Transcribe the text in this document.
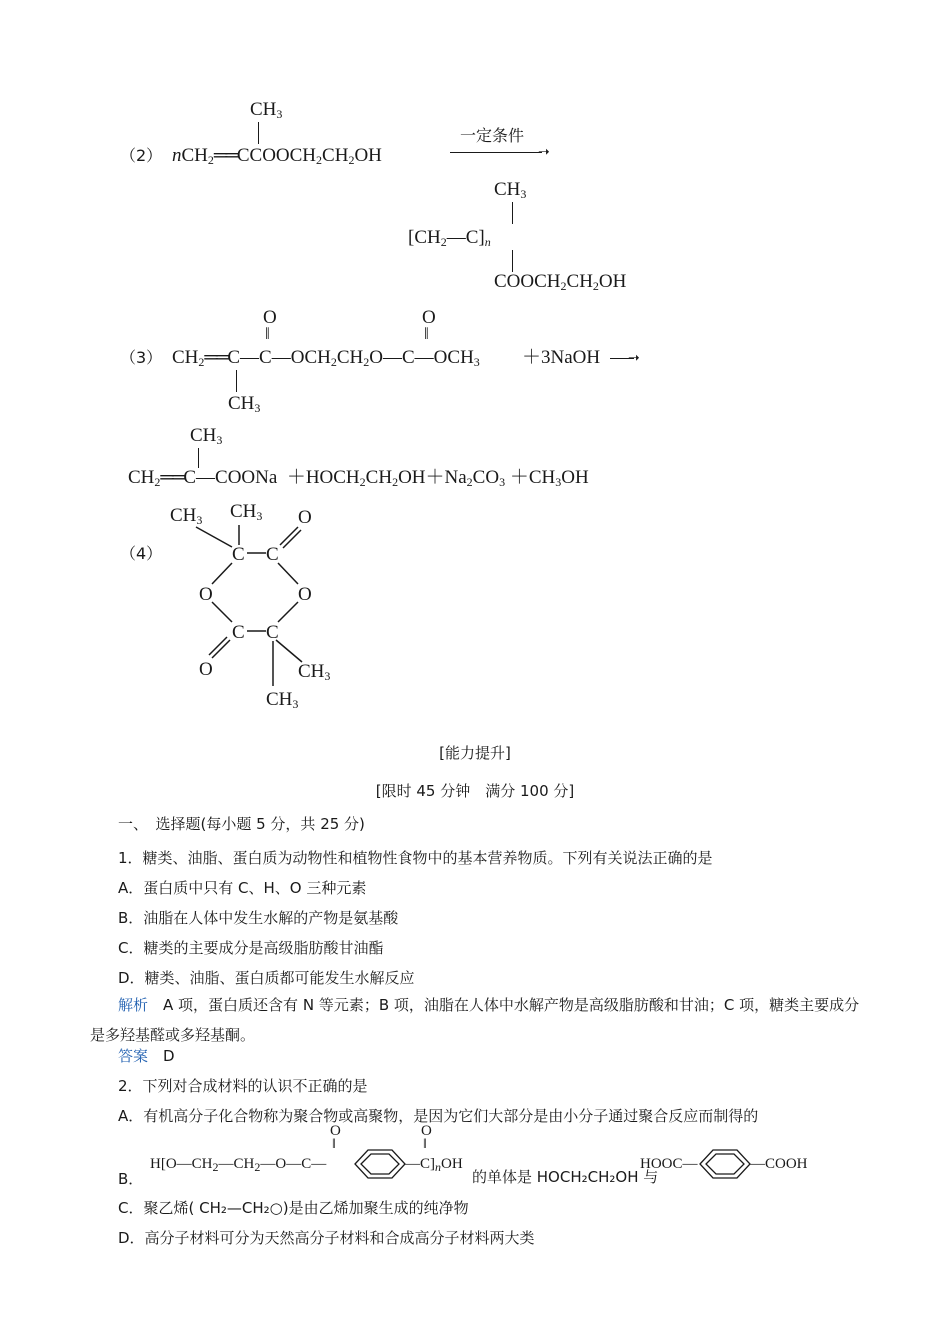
$CH_3$
（2） $nCH_2══CCOOCH_2CH_2OH$
一定条件
➝
$CH_3$
$[CH_2—C]_n$
$COOCH_2CH_2OH$
O	O
‖	‖
（3） $CH_2══C—C—OCH_2CH_2O—C—OCH_3$ ＋3NaOH ➝
$CH_3$
$CH_3$
$CH_2══C—COONa$ $+HOCH_2CH_2OH+Na_2CO_3 +CH_3OH$
（4）
$CH_3$ $CH_3$ O
C C
O	O
C C
O	$CH_3$
$CH_3$
[能力提升]
[限时 45 分钟　满分 100 分]
一、　选择题(每小题 5 分，共 25 分)
1．糖类、油脂、蛋白质为动物性和植物性食物中的基本营养物质。下列有关说法正确的是
A．蛋白质中只有 C、H、O 三种元素
B．油脂在人体中发生水解的产物是氨基酸
C．糖类的主要成分是高级脂肪酸甘油酯
D．糖类、油脂、蛋白质都可能发生水解反应
解析　 A 项，蛋白质还含有 N 等元素；B 项，油脂在人体中水解产物是高级脂肪酸和甘油；C 项，糖类主要成分是多羟基醛或多羟基酮。
答案　 D
2．下列对合成材料的认识不正确的是
A．有机高分子化合物称为聚合物或高聚物，是因为它们大部分是由小分子通过聚合反应而制得的
B．
O	O
‖	‖
$H[O—CH_2—CH_2—O—C—$	$—C]_nOH$
的单体是 HOCH₂CH₂OH 与
HOOC—	—COOH
C．聚乙烯( CH₂—CH₂○)是由乙烯加聚生成的纯净物
D．高分子材料可分为天然高分子材料和合成高分子材料两大类
